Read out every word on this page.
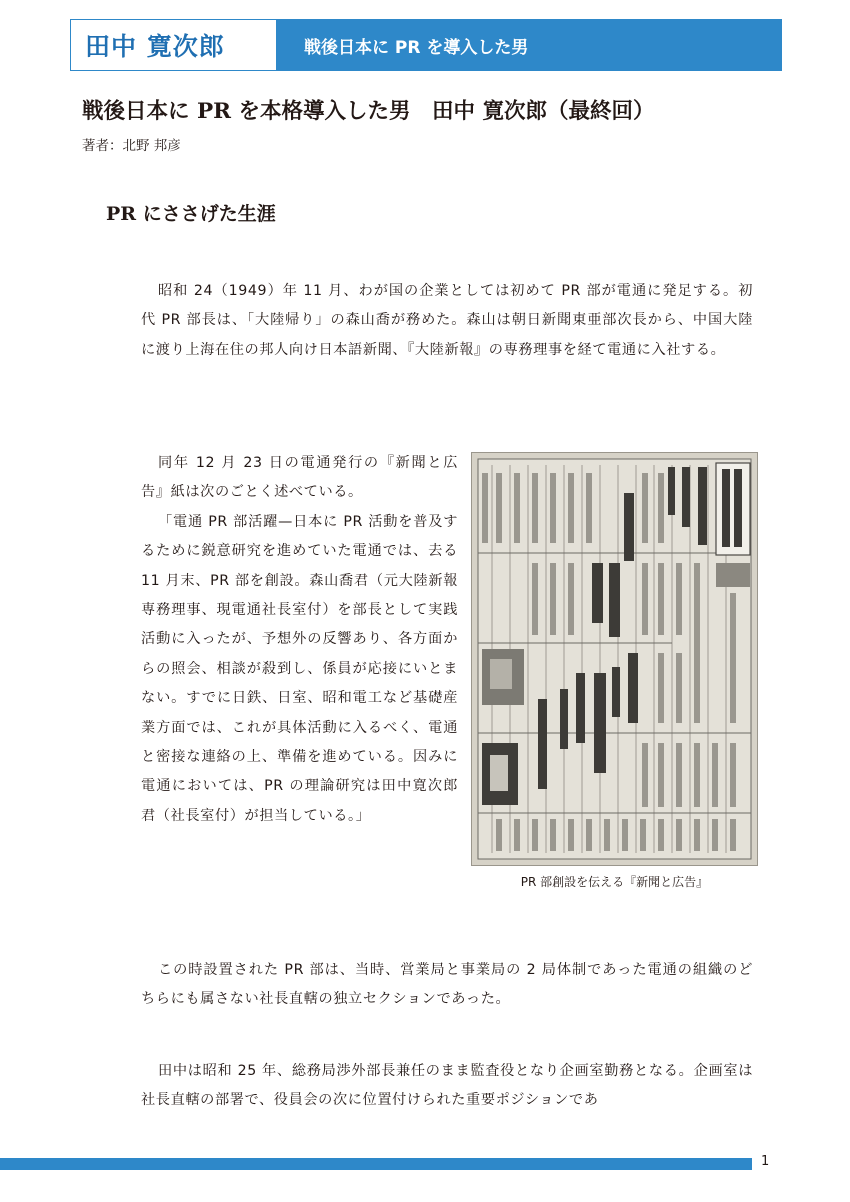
田中 寛次郎	戦後日本に PR を導入した男
戦後日本に PR を本格導入した男　田中 寛次郎（最終回）
著者：北野 邦彦
PR にささげた生涯

昭和 24（1949）年 11 月、わが国の企業としては初めて PR 部が電通に発足する。初代 PR 部長は、「大陸帰り」の森山喬が務めた。森山は朝日新聞東亜部次長から、中国大陸に渡り上海在住の邦人向け日本語新聞、『大陸新報』の専務理事を経て電通に入社する。

同年 12 月 23 日の電通発行の『新聞と広告』紙は次のごとく述べている。
「電通 PR 部活躍—日本に PR 活動を普及するために鋭意研究を進めていた電通では、去る 11 月末、PR 部を創設。森山喬君（元大陸新報専務理事、現電通社長室付）を部長として実践活動に入ったが、予想外の反響あり、各方面からの照会、相談が殺到し、係員が応接にいとまない。すでに日鉄、日室、昭和電工など基礎産業方面では、これが具体活動に入るべく、電通と密接な連絡の上、準備を進めている。因みに電通においては、PR の理論研究は田中寛次郎君（社長室付）が担当している。」
PR 部創設を伝える『新聞と広告』

この時設置された PR 部は、当時、営業局と事業局の 2 局体制であった電通の組織のどちらにも属さない社長直轄の独立セクションであった。

田中は昭和 25 年、総務局渉外部長兼任のまま監査役となり企画室勤務となる。企画室は社長直轄の部署で、役員会の次に位置付けられた重要ポジションであ

1
